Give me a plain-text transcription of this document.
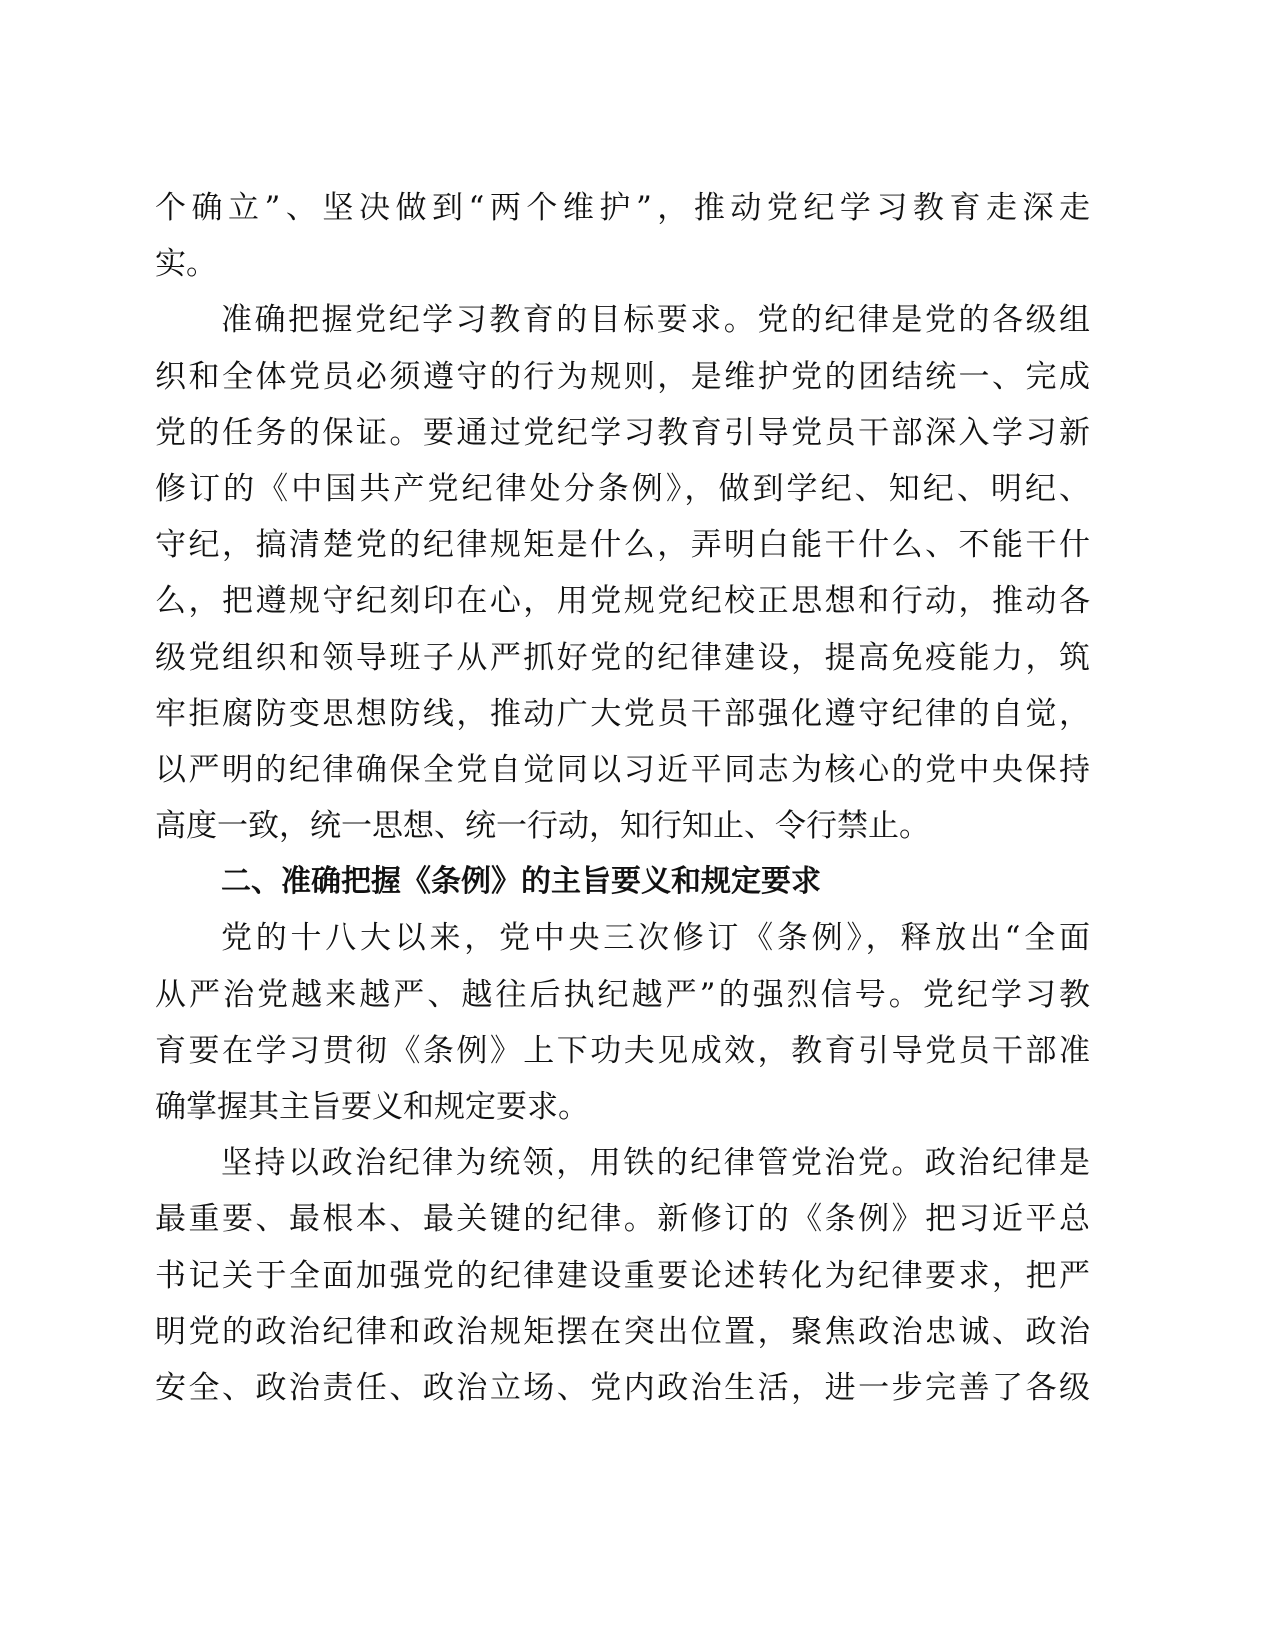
个确立”、坚决做到“两个维护”，推动党纪学习教育走深走
实。
准确把握党纪学习教育的目标要求。党的纪律是党的各级组
织和全体党员必须遵守的行为规则，是维护党的团结统一、完成
党的任务的保证。要通过党纪学习教育引导党员干部深入学习新
修订的《中国共产党纪律处分条例》，做到学纪、知纪、明纪、
守纪，搞清楚党的纪律规矩是什么，弄明白能干什么、不能干什
么，把遵规守纪刻印在心，用党规党纪校正思想和行动，推动各
级党组织和领导班子从严抓好党的纪律建设，提高免疫能力，筑
牢拒腐防变思想防线，推动广大党员干部强化遵守纪律的自觉，
以严明的纪律确保全党自觉同以习近平同志为核心的党中央保持
高度一致，统一思想、统一行动，知行知止、令行禁止。
二、准确把握《条例》的主旨要义和规定要求
党的十八大以来，党中央三次修订《条例》，释放出“全面
从严治党越来越严、越往后执纪越严”的强烈信号。党纪学习教
育要在学习贯彻《条例》上下功夫见成效，教育引导党员干部准
确掌握其主旨要义和规定要求。
坚持以政治纪律为统领，用铁的纪律管党治党。政治纪律是
最重要、最根本、最关键的纪律。新修订的《条例》把习近平总
书记关于全面加强党的纪律建设重要论述转化为纪律要求，把严
明党的政治纪律和政治规矩摆在突出位置，聚焦政治忠诚、政治
安全、政治责任、政治立场、党内政治生活，进一步完善了各级
